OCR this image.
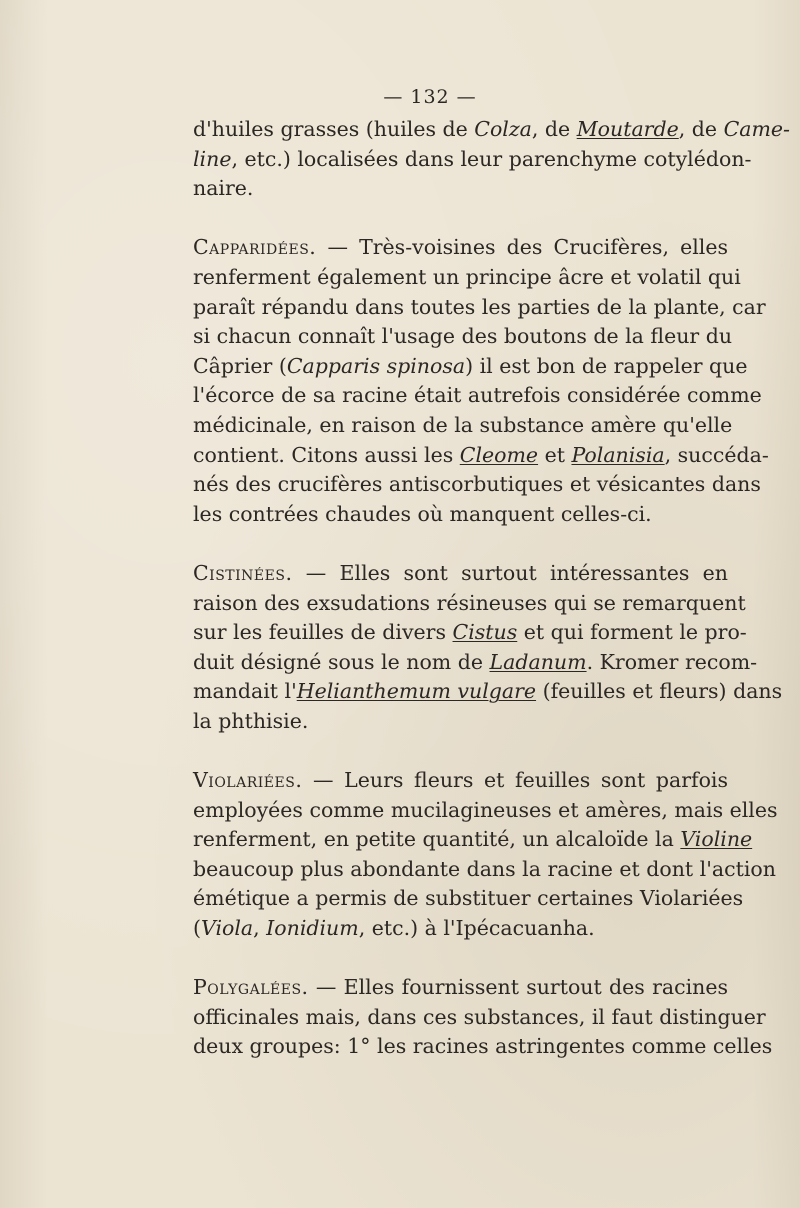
— 132 —
d'huiles grasses (huiles de Colza, de Moutarde, de Came-
line, etc.) localisées dans leur parenchyme cotylédon-
naire.
Capparidées. — Très-voisines des Crucifères, elles
renferment également un principe âcre et volatil qui
paraît répandu dans toutes les parties de la plante, car
si chacun connaît l'usage des boutons de la fleur du
Câprier (Capparis spinosa) il est bon de rappeler que
l'écorce de sa racine était autrefois considérée comme
médicinale, en raison de la substance amère qu'elle
contient. Citons aussi les Cleome et Polanisia, succéda-
nés des crucifères antiscorbutiques et vésicantes dans
les contrées chaudes où manquent celles-ci.
Cistinées. — Elles sont surtout intéressantes en
raison des exsudations résineuses qui se remarquent
sur les feuilles de divers Cistus et qui forment le pro-
duit désigné sous le nom de Ladanum. Kromer recom-
mandait l'Helianthemum vulgare (feuilles et fleurs) dans
la phthisie.
Violariées. — Leurs fleurs et feuilles sont parfois
employées comme mucilagineuses et amères, mais elles
renferment, en petite quantité, un alcaloïde la Violine
beaucoup plus abondante dans la racine et dont l'action
émétique a permis de substituer certaines Violariées
(Viola, Ionidium, etc.) à l'Ipécacuanha.
Polygalées. — Elles fournissent surtout des racines
officinales mais, dans ces substances, il faut distinguer
deux groupes: 1° les racines astringentes comme celles
